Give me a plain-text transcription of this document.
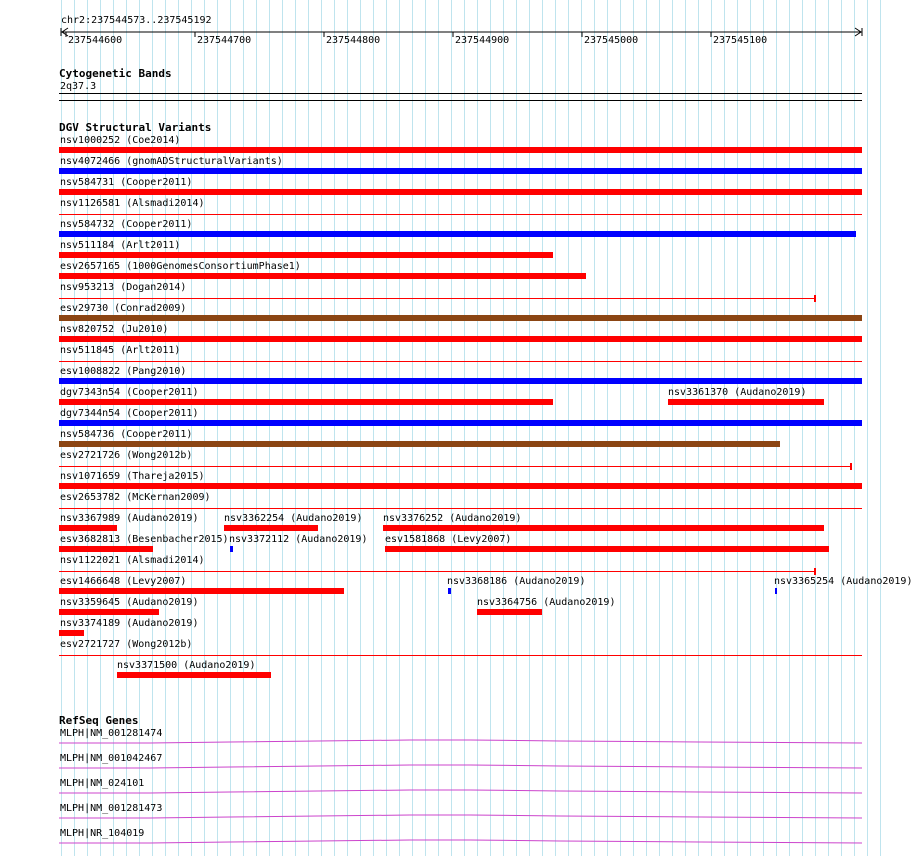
chr2:237544573..237545192
237544600	237544700	237544800	237544900	237545000	237545100
Cytogenetic Bands
2q37.3
DGV Structural Variants
nsv1000252 (Coe2014)
nsv4072466 (gnomADStructuralVariants)
nsv584731 (Cooper2011)
nsv1126581 (Alsmadi2014)
nsv584732 (Cooper2011)
nsv511184 (Arlt2011)
esv2657165 (1000GenomesConsortiumPhase1)
nsv953213 (Dogan2014)
esv29730 (Conrad2009)
nsv820752 (Ju2010)
nsv511845 (Arlt2011)
esv1008822 (Pang2010)
dgv7343n54 (Cooper2011)	nsv3361370 (Audano2019)
dgv7344n54 (Cooper2011)
nsv584736 (Cooper2011)
esv2721726 (Wong2012b)
nsv1071659 (Thareja2015)
esv2653782 (McKernan2009)
nsv3367989 (Audano2019)	nsv3362254 (Audano2019) nsv3376252 (Audano2019)
esv3682813 (Besenbacher2015) nsv3372112 (Audano2019) esv1581868 (Levy2007)
nsv1122021 (Alsmadi2014)
esv1466648 (Levy2007)	nsv3368186 (Audano2019)	nsv3365254 (Audano2019)
nsv3359645 (Audano2019)	nsv3364756 (Audano2019)
nsv3374189 (Audano2019)
esv2721727 (Wong2012b)
nsv3371500 (Audano2019)
RefSeq Genes
MLPH|NM_001281474
MLPH|NM_001042467
MLPH|NM_024101
MLPH|NM_001281473
MLPH|NR_104019
